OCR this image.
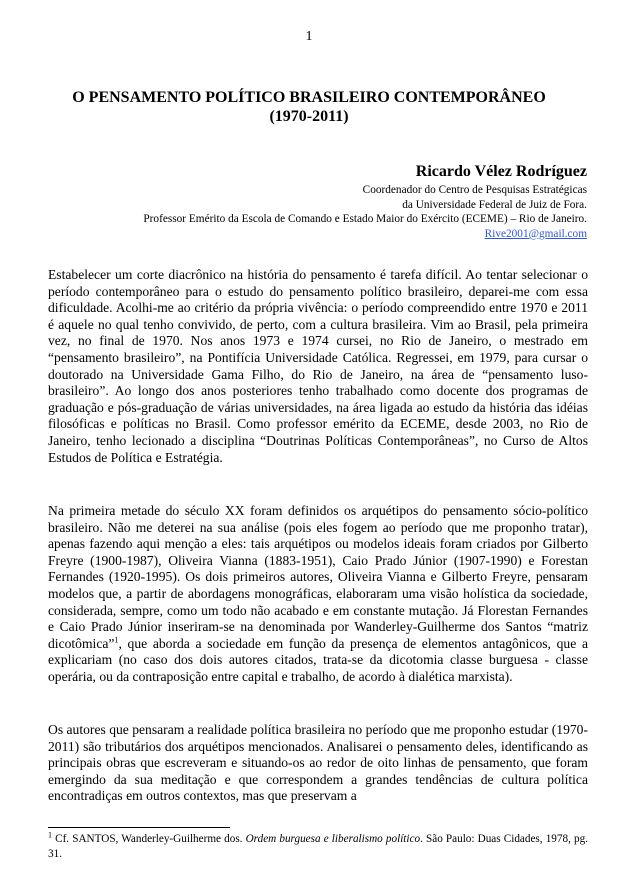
1
O PENSAMENTO POLÍTICO BRASILEIRO CONTEMPORÂNEO
(1970-2011)
Ricardo Vélez Rodríguez
Coordenador do Centro de Pesquisas Estratégicas
da Universidade Federal de Juiz de Fora.
Professor Emérito da Escola de Comando e Estado Maior do Exército (ECEME) – Rio de Janeiro.
Rive2001@gmail.com

Estabelecer um corte diacrônico na história do pensamento é tarefa difícil. Ao tentar selecionar o período contemporâneo para o estudo do pensamento político brasileiro, deparei-me com essa dificuldade. Acolhi-me ao critério da própria vivência: o período compreendido entre 1970 e 2011 é aquele no qual tenho convivido, de perto, com a cultura brasileira. Vim ao Brasil, pela primeira vez, no final de 1970. Nos anos 1973 e 1974 cursei, no Rio de Janeiro, o mestrado em “pensamento brasileiro”, na Pontifícia Universidade Católica. Regressei, em 1979, para cursar o doutorado na Universidade Gama Filho, do Rio de Janeiro, na área de “pensamento luso-brasileiro”. Ao longo dos anos posteriores tenho trabalhado como docente dos programas de graduação e pós-graduação de várias universidades, na área ligada ao estudo da história das idéias filosóficas e políticas no Brasil. Como professor emérito da ECEME, desde 2003, no Rio de Janeiro, tenho lecionado a disciplina “Doutrinas Políticas Contemporâneas”, no Curso de Altos Estudos de Política e Estratégia.

Na primeira metade do século XX foram definidos os arquétipos do pensamento sócio-político brasileiro. Não me deterei na sua análise (pois eles fogem ao período que me proponho tratar), apenas fazendo aqui menção a eles: tais arquétipos ou modelos ideais foram criados por Gilberto Freyre (1900-1987), Oliveira Vianna (1883-1951), Caio Prado Júnior (1907-1990) e Forestan Fernandes (1920-1995). Os dois primeiros autores, Oliveira Vianna e Gilberto Freyre, pensaram modelos que, a partir de abordagens monográficas, elaboraram uma visão holística da sociedade, considerada, sempre, como um todo não acabado e em constante mutação. Já Florestan Fernandes e Caio Prado Júnior inseriram-se na denominada por Wanderley-Guilherme dos Santos “matriz dicotômica”$^1$, que aborda a sociedade em função da presença de elementos antagônicos, que a explicariam (no caso dos dois autores citados, trata-se da dicotomia classe burguesa - classe operária, ou da contraposição entre capital e trabalho, de acordo à dialética marxista).

Os autores que pensaram a realidade política brasileira no período que me proponho estudar (1970-2011) são tributários dos arquétipos mencionados. Analisarei o pensamento deles, identificando as principais obras que escreveram e situando-os ao redor de oito linhas de pensamento, que foram emergindo da sua meditação e que correspondem a grandes tendências de cultura política encontradiças em outros contextos, mas que preservam a

$^1$ Cf. SANTOS, Wanderley-Guilherme dos. Ordem burguesa e liberalismo político. São Paulo: Duas Cidades, 1978, pg. 31.
